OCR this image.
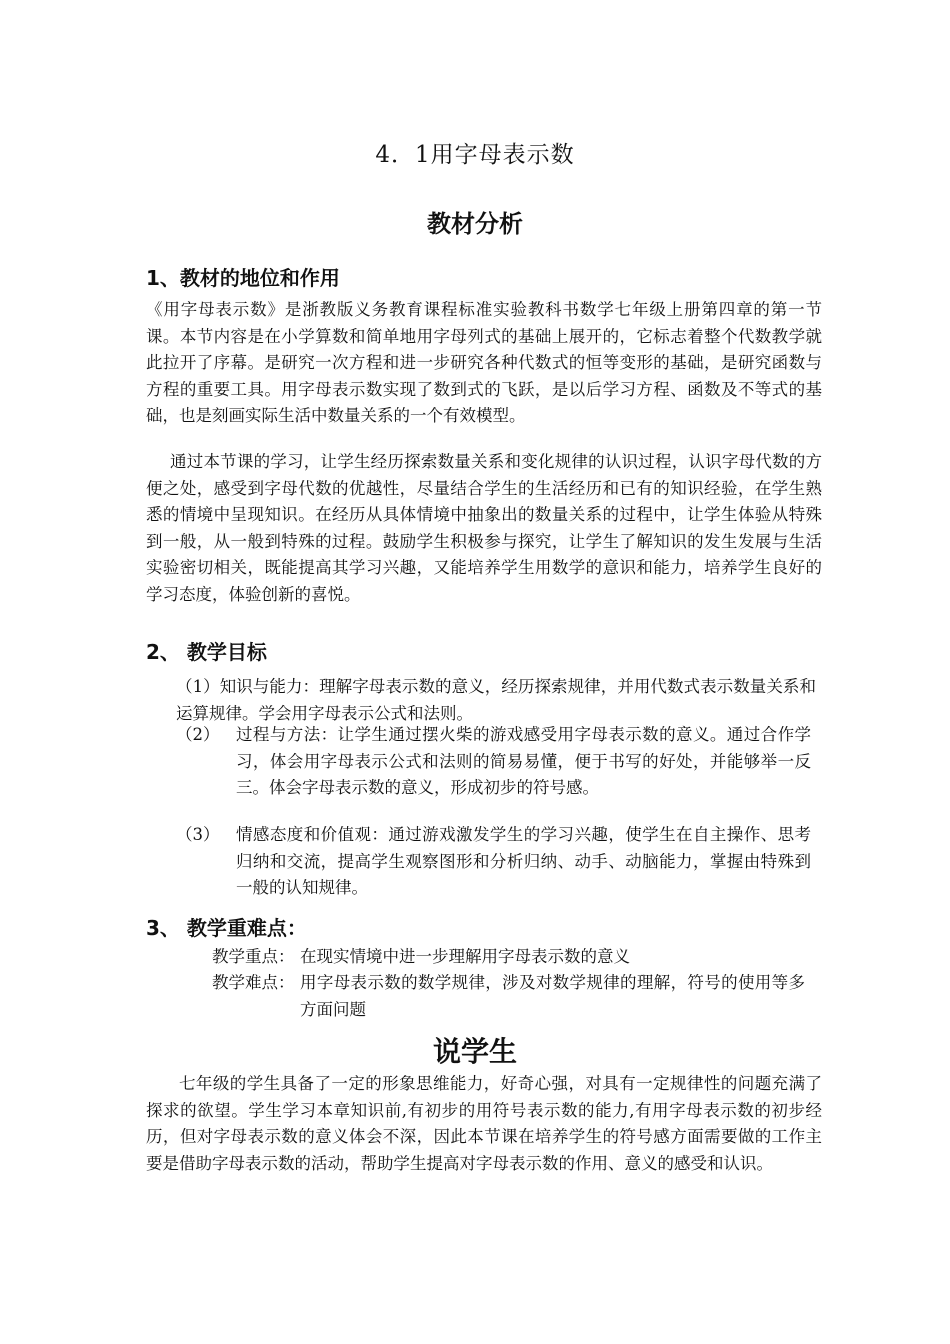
4．1用字母表示数
教材分析
1、教材的地位和作用
《用字母表示数》是浙教版义务教育课程标准实验教科书数学七年级上册第四章的第一节课。本节内容是在小学算数和简单地用字母列式的基础上展开的，它标志着整个代数教学就此拉开了序幕。是研究一次方程和进一步研究各种代数式的恒等变形的基础，是研究函数与方程的重要工具。用字母表示数实现了数到式的飞跃，是以后学习方程、函数及不等式的基础，也是刻画实际生活中数量关系的一个有效模型。
通过本节课的学习，让学生经历探索数量关系和变化规律的认识过程，认识字母代数的方便之处，感受到字母代数的优越性，尽量结合学生的生活经历和已有的知识经验，在学生熟悉的情境中呈现知识。在经历从具体情境中抽象出的数量关系的过程中，让学生体验从特殊到一般，从一般到特殊的过程。鼓励学生积极参与探究，让学生了解知识的发生发展与生活实验密切相关，既能提高其学习兴趣，又能培养学生用数学的意识和能力，培养学生良好的学习态度，体验创新的喜悦。
2、 教学目标
（1）知识与能力：理解字母表示数的意义，经历探索规律，并用代数式表示数量关系和运算规律。学会用字母表示公式和法则。
（2） 过程与方法：让学生通过摆火柴的游戏感受用字母表示数的意义。通过合作学习，体会用字母表示公式和法则的简易易懂，便于书写的好处，并能够举一反三。体会字母表示数的意义，形成初步的符号感。
（3） 情感态度和价值观：通过游戏激发学生的学习兴趣，使学生在自主操作、思考归纳和交流，提高学生观察图形和分析归纳、动手、动脑能力，掌握由特殊到一般的认知规律。
3、 教学重难点：
教学重点： 在现实情境中进一步理解用字母表示数的意义
教学难点： 用字母表示数的数学规律，涉及对数学规律的理解，符号的使用等多方面问题
说学生
七年级的学生具备了一定的形象思维能力，好奇心强，对具有一定规律性的问题充满了探求的欲望。学生学习本章知识前,有初步的用符号表示数的能力,有用字母表示数的初步经历，但对字母表示数的意义体会不深，因此本节课在培养学生的符号感方面需要做的工作主要是借助字母表示数的活动，帮助学生提高对字母表示数的作用、意义的感受和认识。
